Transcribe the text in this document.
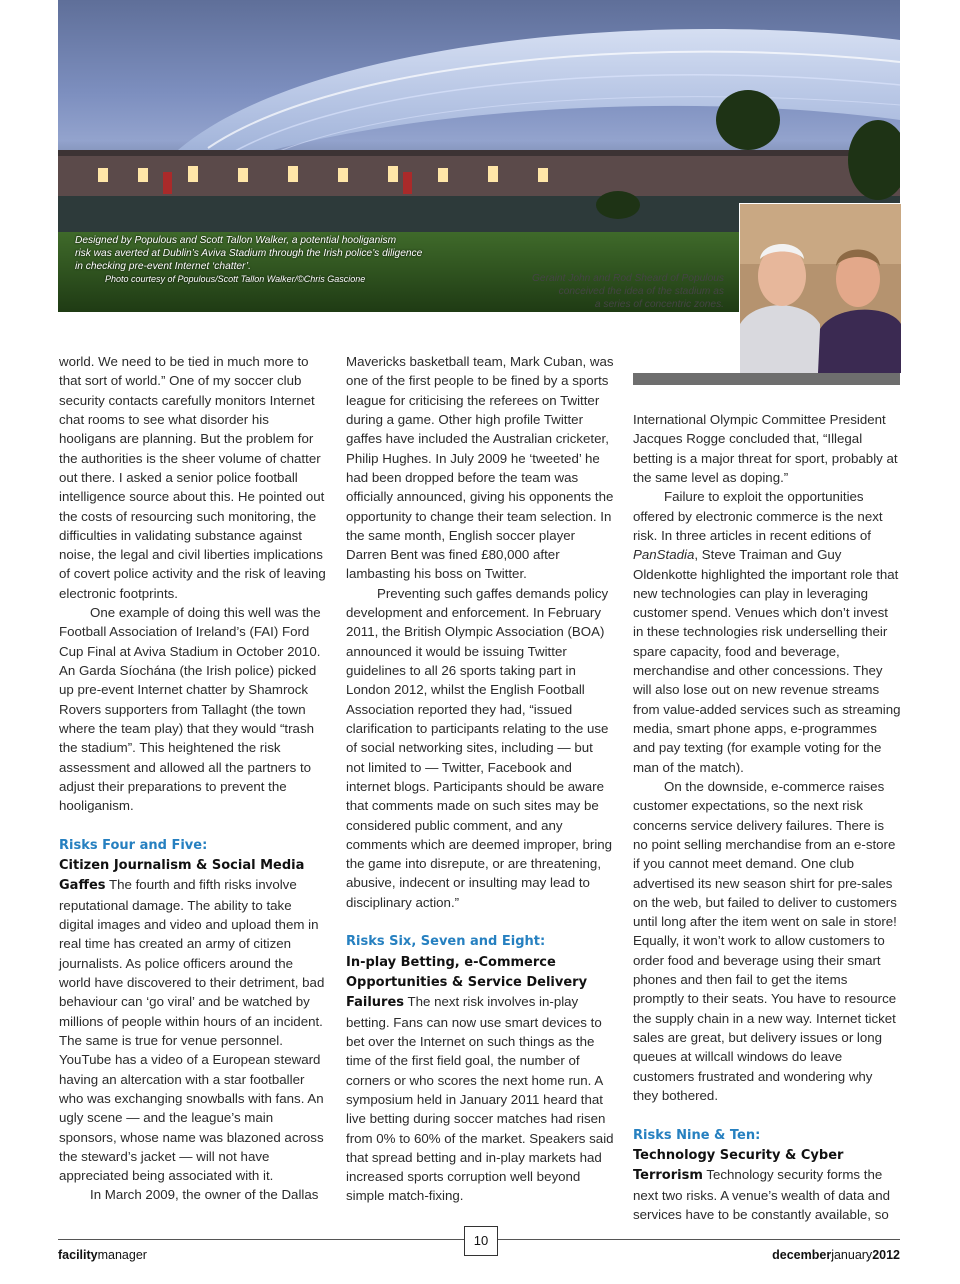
Designed by Populous and Scott Tallon Walker, a potential hooliganism
risk was averted at Dublin’s Aviva Stadium through the Irish police’s diligence
in checking pre-event Internet ‘chatter’.

Photo courtesy of Populous/Scott Tallon Walker/©Chris Gascione	Geraint John and Rod Sheard of Populous
conceived the idea of the stadium as
a series of concentric zones.

world. We need to be tied in much more to that sort of world.” One of my soccer club security contacts carefully monitors Internet chat rooms to see what disorder his hooligans are planning. But the problem for the authorities is the sheer volume of chatter out there. I asked a senior police football intelligence source about this. He pointed out the costs of resourcing such monitoring, the difficulties in validating substance against noise, the legal and civil liberties implications of covert police activity and the risk of leaving electronic footprints.

One example of doing this well was the Football Association of Ireland’s (FAI) Ford Cup Final at Aviva Stadium in October 2010. An Garda Síochána (the Irish police) picked up pre-event Internet chatter by Shamrock Rovers supporters from Tallaght (the town where the team play) that they would “trash the stadium”. This heightened the risk assessment and allowed all the partners to adjust their preparations to prevent the hooliganism.

Risks Four and Five:

Citizen Journalism & Social Media Gaffes The fourth and fifth risks involve reputational damage. The ability to take digital images and video and upload them in real time has created an army of citizen journalists. As police officers around the world have discovered to their detriment, bad behaviour can ‘go viral’ and be watched by millions of people within hours of an incident. The same is true for venue personnel. YouTube has a video of a European steward having an altercation with a star footballer who was exchanging snowballs with fans. An ugly scene — and the league’s main sponsors, whose name was blazoned across the steward’s jacket — will not have appreciated being associated with it.

In March 2009, the owner of the Dallas

Mavericks basketball team, Mark Cuban, was one of the first people to be fined by a sports league for criticising the referees on Twitter during a game. Other high profile Twitter gaffes have included the Australian cricketer, Philip Hughes. In July 2009 he ‘tweeted’ he had been dropped before the team was officially announced, giving his opponents the opportunity to change their team selection. In the same month, English soccer player Darren Bent was fined £80,000 after lambasting his boss on Twitter.

Preventing such gaffes demands policy development and enforcement. In February 2011, the British Olympic Association (BOA) announced it would be issuing Twitter guidelines to all 26 sports taking part in London 2012, whilst the English Football Association reported they had, “issued clarification to participants relating to the use of social networking sites, including — but not limited to — Twitter, Facebook and internet blogs. Participants should be aware that comments made on such sites may be considered public comment, and any comments which are deemed improper, bring the game into disrepute, or are threatening, abusive, indecent or insulting may lead to disciplinary action.”

Risks Six, Seven and Eight:

In-play Betting, e-Commerce Opportunities & Service Delivery Failures The next risk involves in-play betting. Fans can now use smart devices to bet over the Internet on such things as the time of the first field goal, the number of corners or who scores the next home run. A symposium held in January 2011 heard that live betting during soccer matches had risen from 0% to 60% of the market. Speakers said that spread betting and in-play markets had increased sports corruption well beyond simple match-fixing.

International Olympic Committee President Jacques Rogge concluded that, “Illegal betting is a major threat for sport, probably at the same level as doping.”

Failure to exploit the opportunities offered by electronic commerce is the next risk. In three articles in recent editions of PanStadia, Steve Traiman and Guy Oldenkotte highlighted the important role that new technologies can play in leveraging customer spend. Venues which don’t invest in these technologies risk underselling their spare capacity, food and beverage, merchandise and other concessions. They will also lose out on new revenue streams from value-added services such as streaming media, smart phone apps, e-programmes and pay texting (for example voting for the man of the match).

On the downside, e-commerce raises customer expectations, so the next risk concerns service delivery failures. There is no point selling merchandise from an e-store if you cannot meet demand. One club advertised its new season shirt for pre-sales on the web, but failed to deliver to customers until long after the item went on sale in store! Equally, it won’t work to allow customers to order food and beverage using their smart phones and then fail to get the items promptly to their seats. You have to resource the supply chain in a new way. Internet ticket sales are great, but delivery issues or long queues at willcall windows do leave customers frustrated and wondering why they bothered.

Risks Nine & Ten:

Technology Security & Cyber Terrorism Technology security forms the next two risks. A venue’s wealth of data and services have to be constantly available, so

10
facilitymanager	decemberjanuary2012
